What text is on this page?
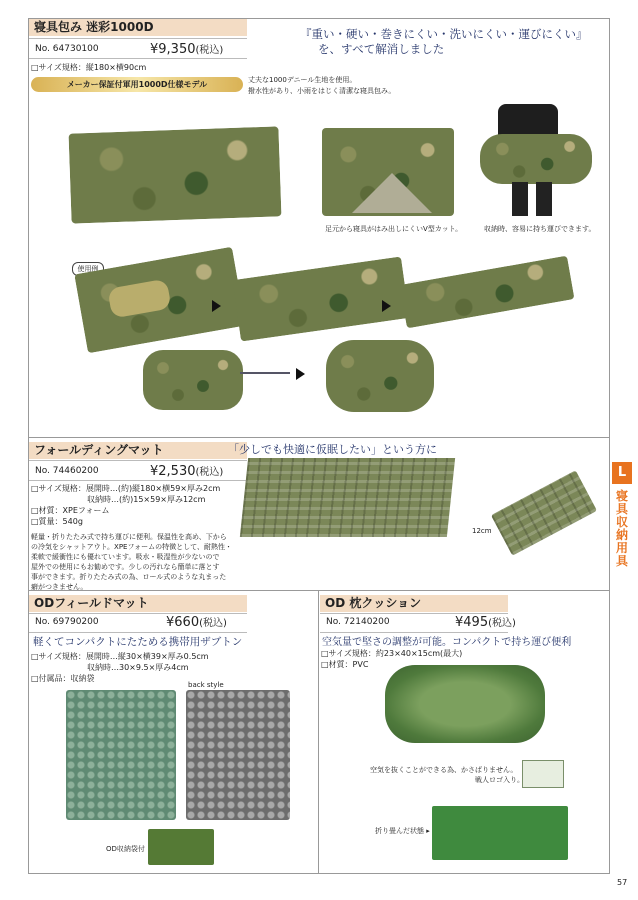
寝具包み 迷彩1000D
No. 64730100	¥9,350(税込)
□サイズ規格：縦180×横90cm
メーカー保証付軍用1000D仕様モデル	丈夫な1000デニール生地を使用。
撥水性があり、小雨をはじく清潔な寝具包み。
『重い・硬い・巻きにくい・洗いにくい・運びにくい』
を、すべて解消しました
足元から寝具がはみ出しにくいV型カット。	収納時、容易に持ち運びできます。
使用例
フォールディングマット
No. 74460200	¥2,530(税込)
□サイズ規格：展開時…(約)縦180×横59×厚み2cm
　　　　　　　収納時…(約)15×59×厚み12cm
□材質：XPEフォーム
□質量：540g
軽量・折りたたみ式で持ち運びに便利。保温性を高め、下から
の冷気をシャットアウト。XPEフォームの特徴として、耐熱性・
柔軟で緩衝性にも優れています。吸水・吸湿性が少ないので
屋外での使用にもお勧めです。少しの汚れなら簡単に落とす
事ができます。折りたたみ式の為、ロール式のような丸まった
癖がつきません。
「少しでも快適に仮眠したい」という方に
12cm
ODフィールドマット
No. 69790200	¥660(税込)
軽くてコンパクトにたためる携帯用ザブトン
□サイズ規格：展開時…縦30×横39×厚み0.5cm
　　　　　　　収納時…30×9.5×厚み4cm
□付属品：収納袋
back style
OD収納袋付
OD 枕クッション
No. 72140200	¥495(税込)
空気量で堅さの調整が可能。コンパクトで持ち運び便利
□サイズ規格：約23×40×15cm(最大)
□材質：PVC
空気を抜くことができる為、かさばりません。
戦人ロゴ入り。
折り畳んだ状態 ▸
L
寝具収納用具
57
